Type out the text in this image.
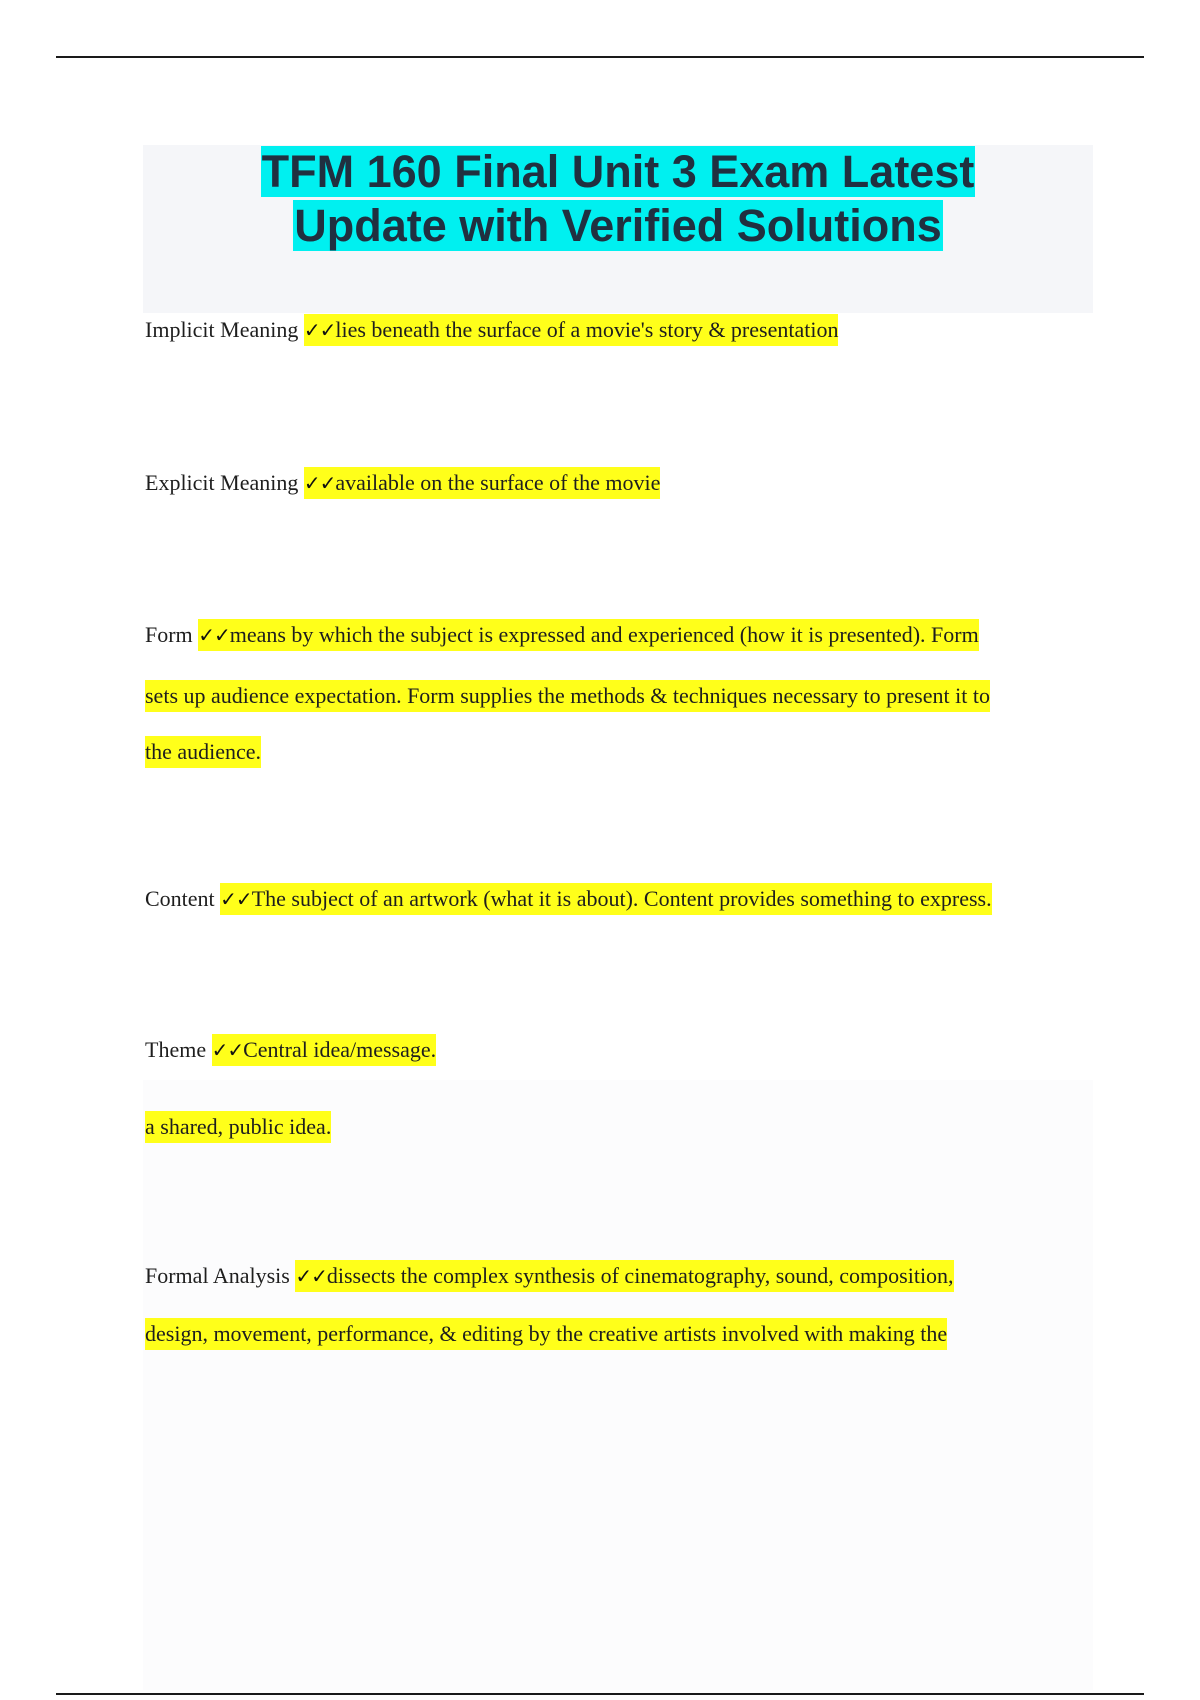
TFM 160 Final Unit 3 Exam Latest
Update with Verified Solutions
Implicit Meaning ✓✓lies beneath the surface of a movie's story & presentation
Explicit Meaning ✓✓available on the surface of the movie
Form ✓✓means by which the subject is expressed and experienced (how it is presented). Form
sets up audience expectation. Form supplies the methods & techniques necessary to present it to
the audience.
Content ✓✓The subject of an artwork (what it is about). Content provides something to express.
Theme ✓✓Central idea/message.
a shared, public idea.
Formal Analysis ✓✓dissects the complex synthesis of cinematography, sound, composition,
design, movement, performance, & editing by the creative artists involved with making the
